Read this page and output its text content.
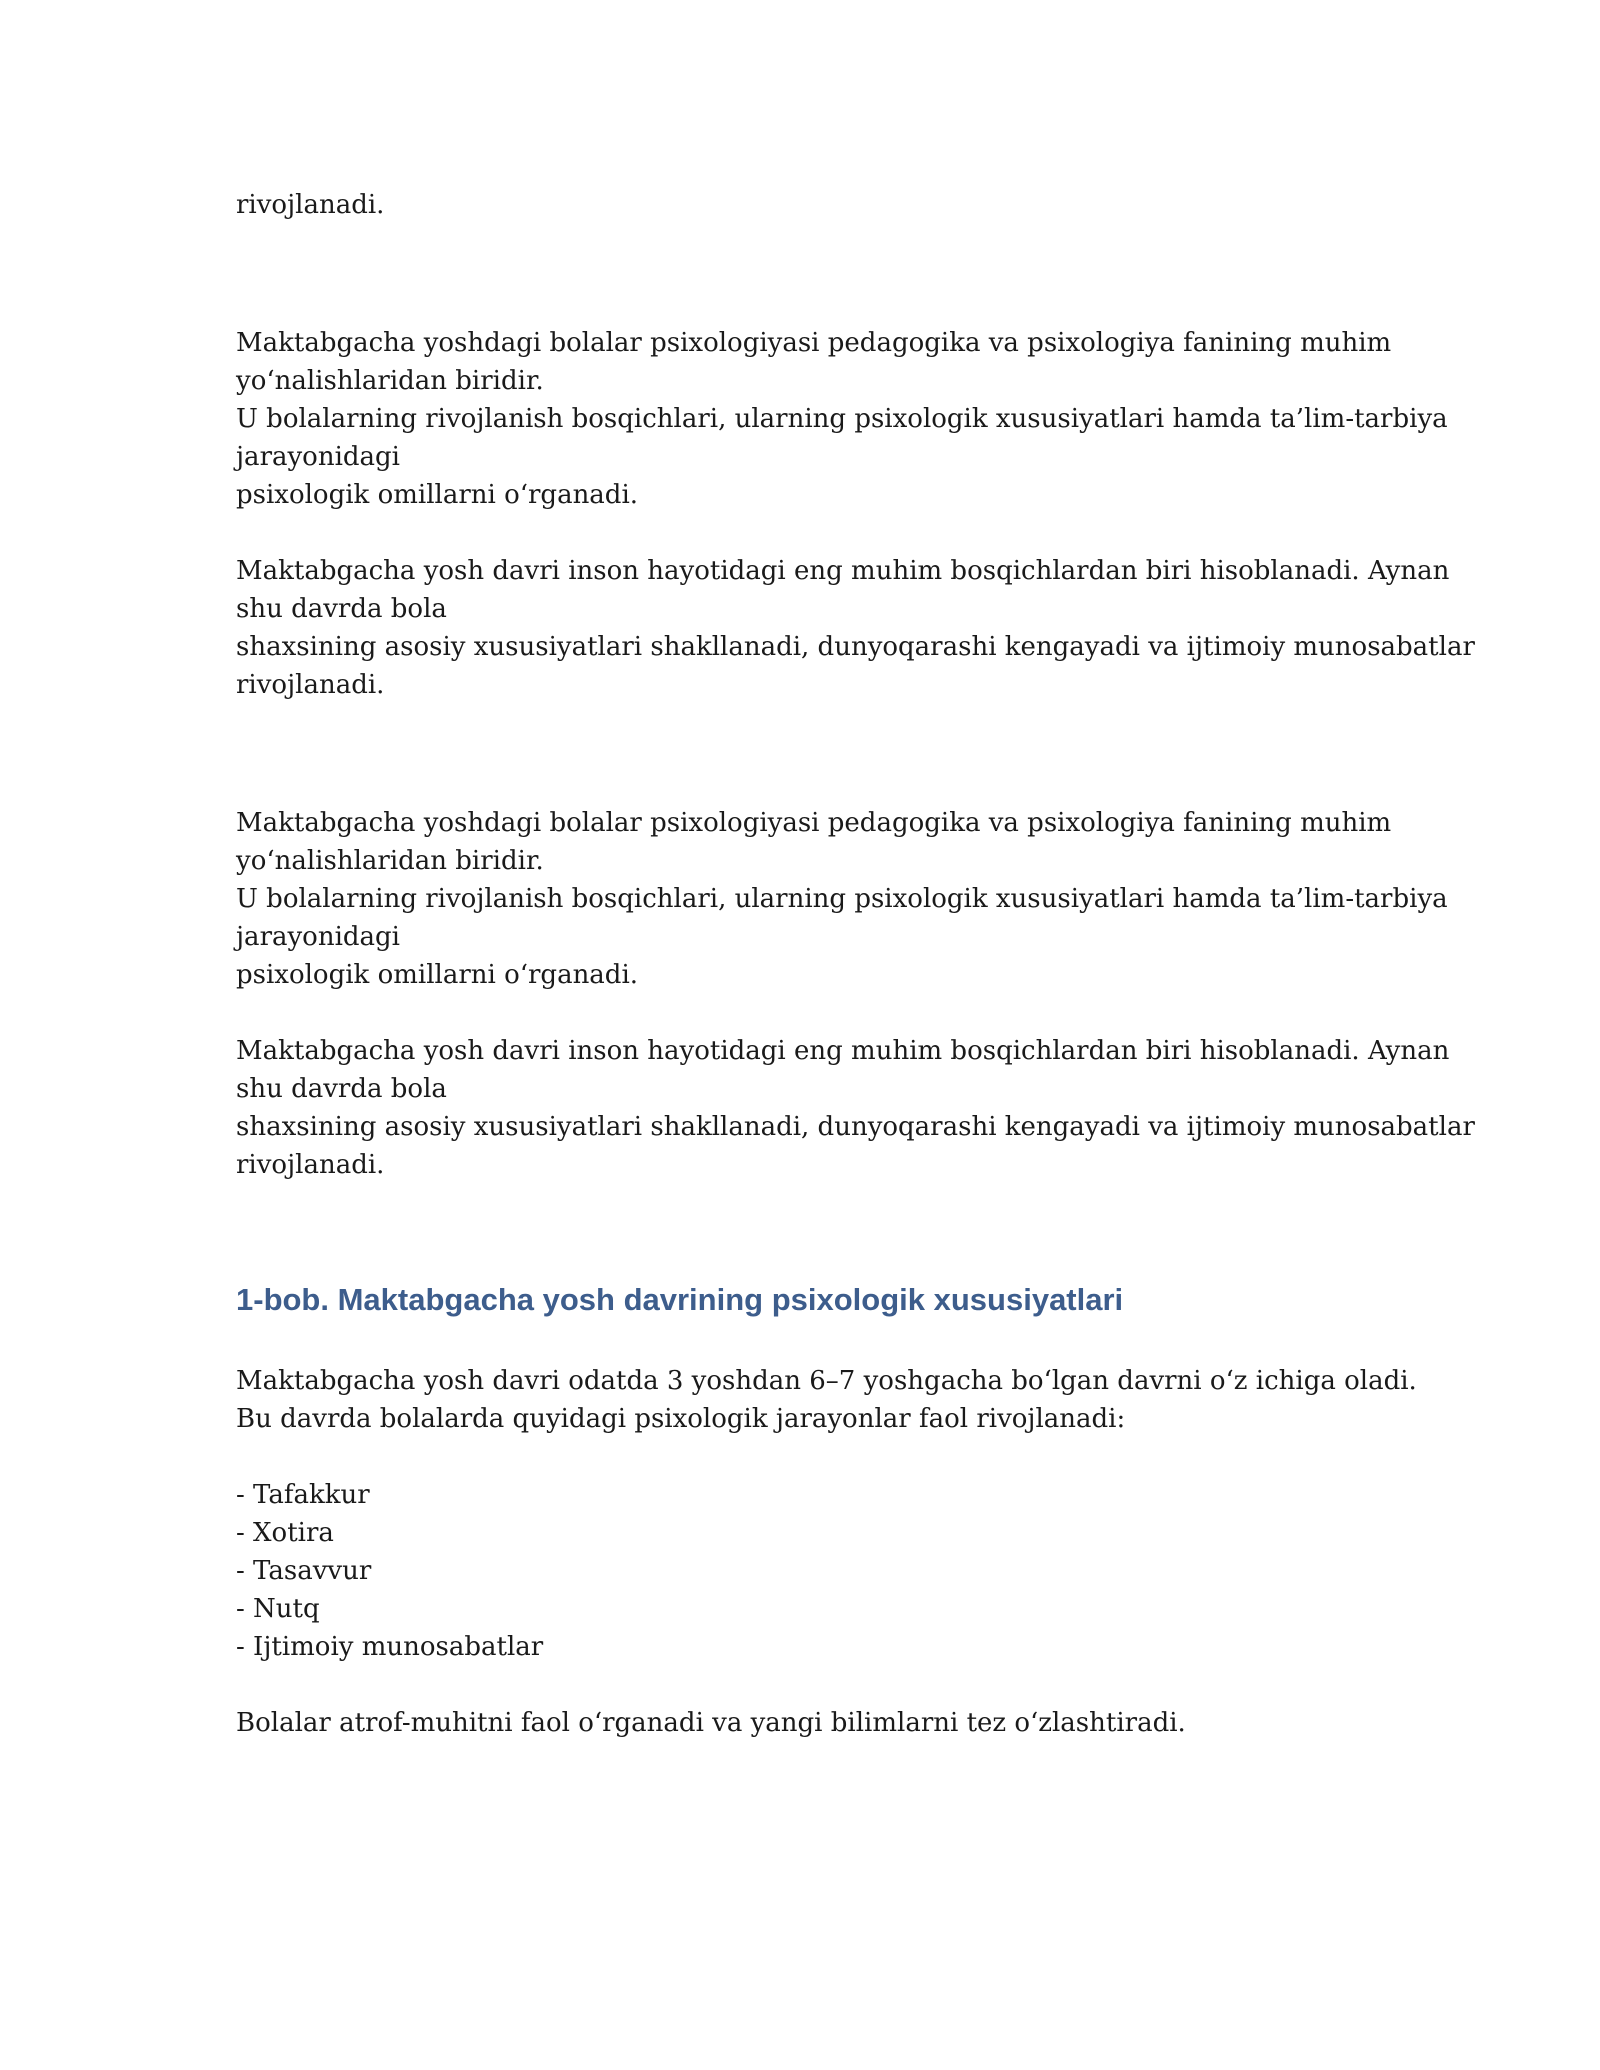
rivojlanadi.

Maktabgacha yoshdagi bolalar psixologiyasi pedagogika va psixologiya fanining muhim
yoʻnalishlaridan biridir.
U bolalarning rivojlanish bosqichlari, ularning psixologik xususiyatlari hamda ta’lim-tarbiya
jarayonidagi
psixologik omillarni oʻrganadi.

Maktabgacha yosh davri inson hayotidagi eng muhim bosqichlardan biri hisoblanadi. Aynan
shu davrda bola
shaxsining asosiy xususiyatlari shakllanadi, dunyoqarashi kengayadi va ijtimoiy munosabatlar
rivojlanadi.

Maktabgacha yoshdagi bolalar psixologiyasi pedagogika va psixologiya fanining muhim
yoʻnalishlaridan biridir.
U bolalarning rivojlanish bosqichlari, ularning psixologik xususiyatlari hamda ta’lim-tarbiya
jarayonidagi
psixologik omillarni oʻrganadi.

Maktabgacha yosh davri inson hayotidagi eng muhim bosqichlardan biri hisoblanadi. Aynan
shu davrda bola
shaxsining asosiy xususiyatlari shakllanadi, dunyoqarashi kengayadi va ijtimoiy munosabatlar
rivojlanadi.

1-bob. Maktabgacha yosh davrining psixologik xususiyatlari

Maktabgacha yosh davri odatda 3 yoshdan 6–7 yoshgacha boʻlgan davrni oʻz ichiga oladi.
Bu davrda bolalarda quyidagi psixologik jarayonlar faol rivojlanadi:

- Tafakkur
- Xotira
- Tasavvur
- Nutq
- Ijtimoiy munosabatlar

Bolalar atrof-muhitni faol oʻrganadi va yangi bilimlarni tez oʻzlashtiradi.
